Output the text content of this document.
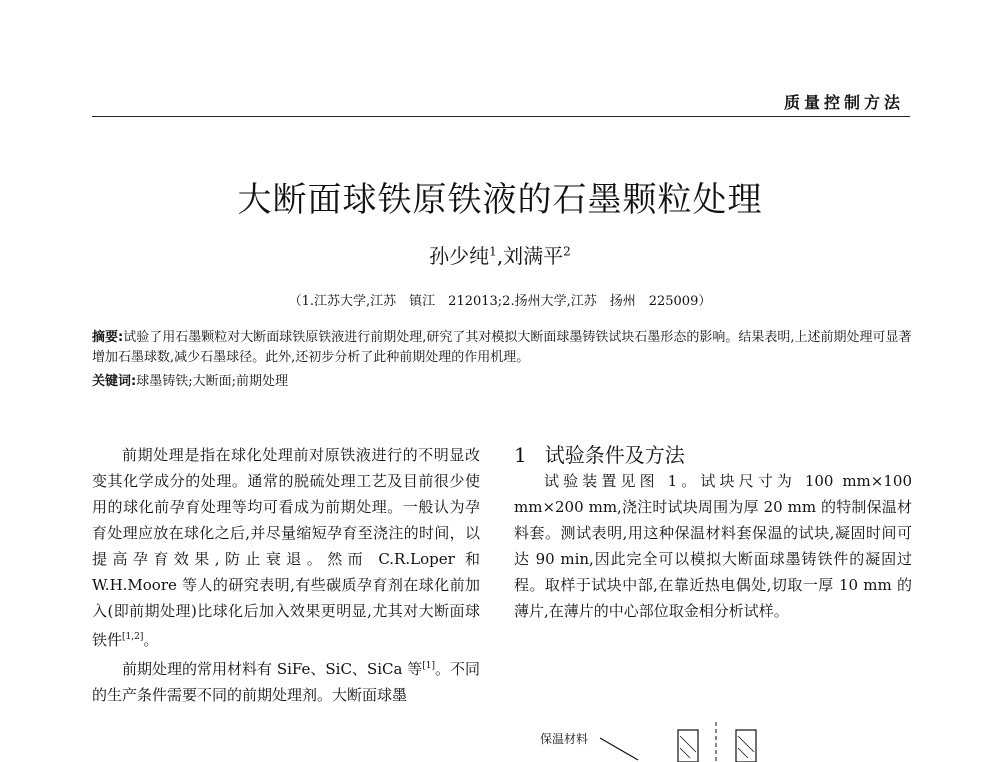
质量控制方法
大断面球铁原铁液的石墨颗粒处理
孙少纯$^1$,刘满平$^2$
（1.江苏大学,江苏　镇江　212013;2.扬州大学,江苏　扬州　225009）
摘要:试验了用石墨颗粒对大断面球铁原铁液进行前期处理,研究了其对模拟大断面球墨铸铁试块石墨形态的影响。结果表明,上述前期处理可显著增加石墨球数,减少石墨球径。此外,还初步分析了此种前期处理的作用机理。
关键词:球墨铸铁;大断面;前期处理

前期处理是指在球化处理前对原铁液进行的不明显改变其化学成分的处理。通常的脱硫处理工艺及目前很少使用的球化前孕育处理等均可看成为前期处理。一般认为孕育处理应放在球化之后,并尽量缩短孕育至浇注的时间，以提高孕育效果,防止衰退。然而 C.R.Loper 和 W.H.Moore 等人的研究表明,有些碳质孕育剂在球化前加入(即前期处理)比球化后加入效果更明显,尤其对大断面球铁件[1,2]。

前期处理的常用材料有 SiFe、SiC、SiCa 等[1]。不同的生产条件需要不同的前期处理剂。大断面球墨

1 试验条件及方法

试验装置见图 1。试块尺寸为 100 mm×100 mm×200 mm,浇注时试块周围为厚 20 mm 的特制保温材料套。测试表明,用这种保温材料套保温的试块,凝固时间可达 90 min,因此完全可以模拟大断面球墨铸铁件的凝固过程。取样于试块中部,在靠近热电偶处,切取一厚 10 mm 的薄片,在薄片的中心部位取金相分析试样。

保温材料
